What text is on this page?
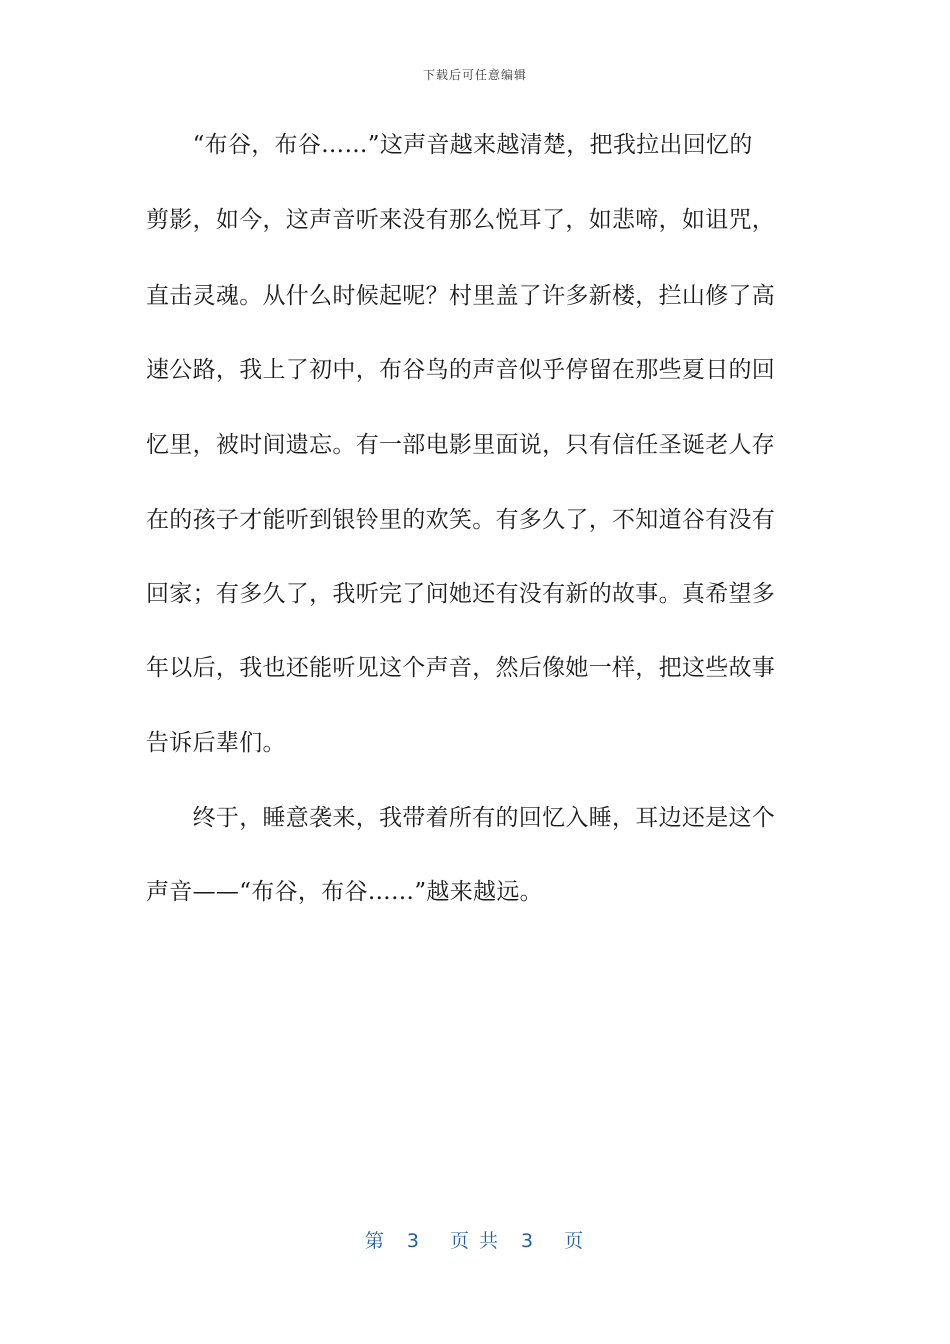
下载后可任意编辑
　　“布谷，布谷……”这声音越来越清楚，把我拉出回忆的
剪影，如今，这声音听来没有那么悦耳了，如悲啼，如诅咒，
直击灵魂。从什么时候起呢？村里盖了许多新楼，拦山修了高
速公路，我上了初中，布谷鸟的声音似乎停留在那些夏日的回
忆里，被时间遗忘。有一部电影里面说，只有信任圣诞老人存
在的孩子才能听到银铃里的欢笑。有多久了，不知道谷有没有
回家；有多久了，我听完了问她还有没有新的故事。真希望多
年以后，我也还能听见这个声音，然后像她一样，把这些故事
告诉后辈们。
　　终于，睡意袭来，我带着所有的回忆入睡，耳边还是这个
声音——“布谷，布谷……”越来越远。
第　3　 页 共　3　 页
